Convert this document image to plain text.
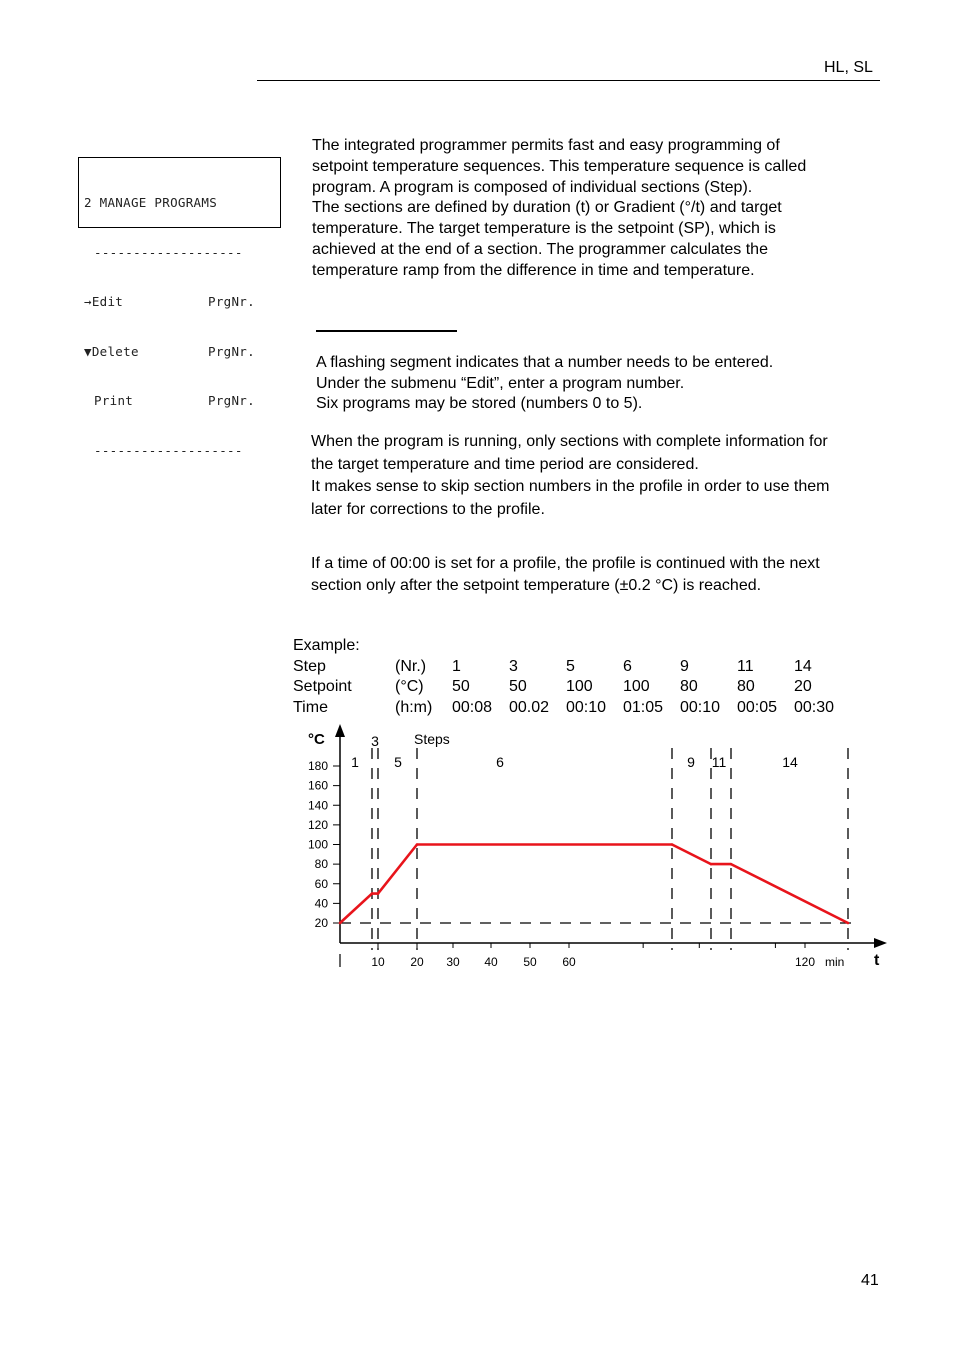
HL, SL

2 MANAGE PROGRAMS

-------------------

→Edit	PrgNr.

▼Delete	PrgNr.

Print	PrgNr.

-------------------

The integrated programmer permits fast and easy programming of
setpoint temperature sequences. This temperature sequence is called
program. A program is composed of individual sections (Step).
The sections are defined by duration (t) or Gradient (°/t) and target
temperature. The target temperature is the setpoint (SP), which is
achieved at the end of a section. The programmer calculates the
temperature ramp from the difference in time and temperature.
A flashing segment indicates that a number needs to be entered.
Under the submenu “Edit”, enter a program number.
Six programs may be stored (numbers 0 to 5).
When the program is running, only sections with complete information for
the target temperature and time period are considered.
It makes sense to skip section numbers in the profile in order to use them
later for corrections to the profile.
If a time of 00:00 is set for a profile, the profile is continued with the next
section only after the setpoint temperature (±0.2 °C) is reached.
Example:
Step	(Nr.) 1	3	5	6	9	11	14
Setpoint	(°C) 50 50 100 100 80 80 20
Time	(h:m) 00:08 00.02 00:10 01:05 00:10 00:05 00:30
°C
t
min
Steps
20
40
60
80
100
120
140
160
180
10 20 30 40 50 60	120
1
3
5	6	9 11	14
41
